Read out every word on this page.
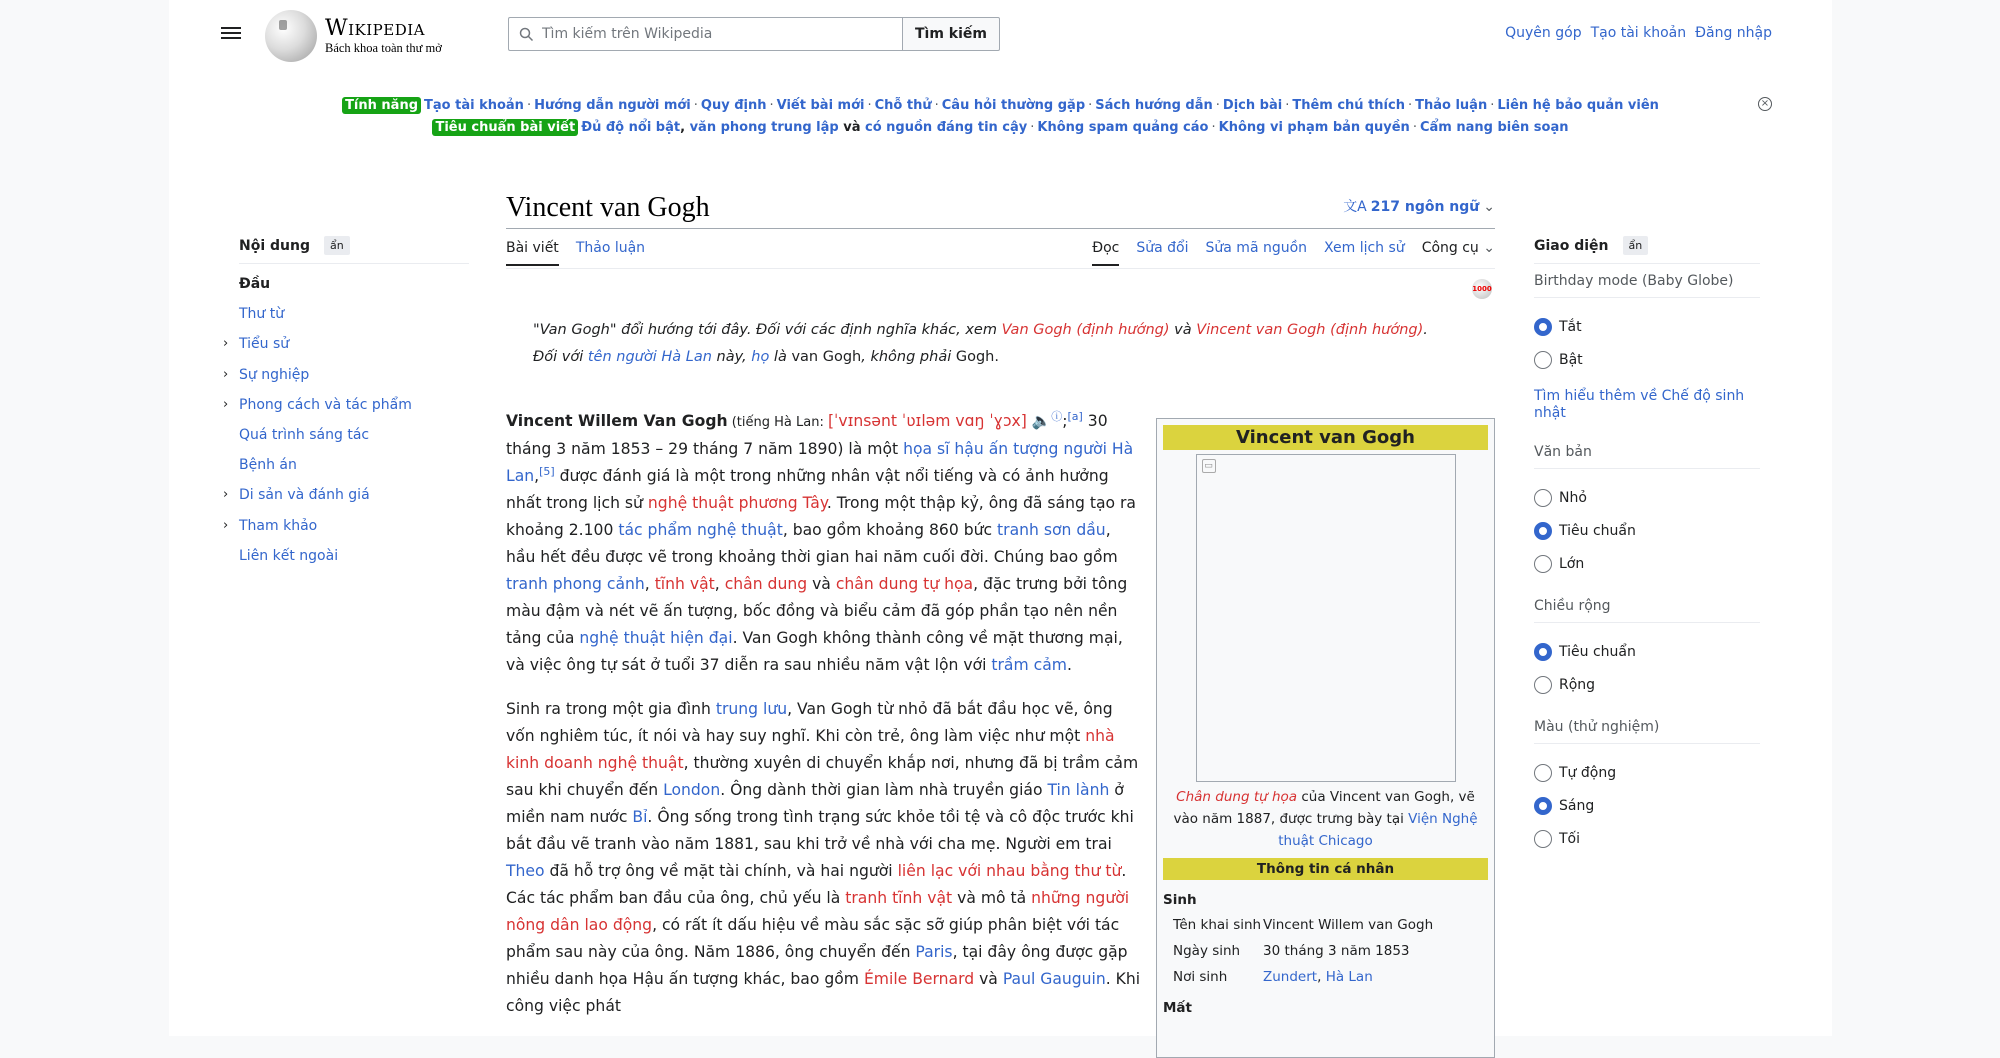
Wikipedia
Bách khoa toàn thư mở
Tìm kiếm trên Wikipedia
Tìm kiếm	Quyên góp Tạo tài khoản Đăng nhập
Tính năng Tạo tài khoản · Hướng dẫn người mới · Quy định · Viết bài mới · Chỗ thử · Câu hỏi thường gặp · Sách hướng dẫn · Dịch bài · Thêm chú thích · Thảo luận · Liên hệ bảo quản viên
Tiêu chuẩn bài viết Đủ độ nổi bật, văn phong trung lập và có nguồn đáng tin cậy · Không spam quảng cáo · Không vi phạm bản quyền · Cẩm nang biên soạn
×
Nội dung	ẩn
Đầu
Thư từ
› Tiểu sử
› Sự nghiệp
› Phong cách và tác phẩm
Quá trình sáng tác
Bệnh án
› Di sản và đánh giá
› Tham khảo
Liên kết ngoài
Vincent van Gogh	文A 217 ngôn ngữ ⌄
Bài viết Thảo luận	Đọc Sửa đổi Sửa mã nguồn Xem lịch sử Công cụ ⌄
1000
"Van Gogh" đổi hướng tới đây. Đối với các định nghĩa khác, xem Van Gogh (định hướng) và Vincent van Gogh (định hướng).
Đối với tên người Hà Lan này, họ là van Gogh, không phải Gogh.

Vincent Willem Van Gogh (tiếng Hà Lan: [ˈvɪnsənt ˈʋɪləm vɑŋ ˈɣɔx] 🔈ⓘ;[a] 30 tháng 3 năm 1853 – 29 tháng 7 năm 1890) là một họa sĩ hậu ấn tượng người Hà Lan,[5] được đánh giá là một trong những nhân vật nổi tiếng và có ảnh hưởng nhất trong lịch sử nghệ thuật phương Tây. Trong một thập kỷ, ông đã sáng tạo ra khoảng 2.100 tác phẩm nghệ thuật, bao gồm khoảng 860 bức tranh sơn dầu, hầu hết đều được vẽ trong khoảng thời gian hai năm cuối đời. Chúng bao gồm tranh phong cảnh, tĩnh vật, chân dung và chân dung tự họa, đặc trưng bởi tông màu đậm và nét vẽ ấn tượng, bốc đồng và biểu cảm đã góp phần tạo nên nền tảng của nghệ thuật hiện đại. Van Gogh không thành công về mặt thương mại, và việc ông tự sát ở tuổi 37 diễn ra sau nhiều năm vật lộn với trầm cảm.

Sinh ra trong một gia đình trung lưu, Van Gogh từ nhỏ đã bắt đầu học vẽ, ông vốn nghiêm túc, ít nói và hay suy nghĩ. Khi còn trẻ, ông làm việc như một nhà kinh doanh nghệ thuật, thường xuyên di chuyển khắp nơi, nhưng đã bị trầm cảm sau khi chuyển đến London. Ông dành thời gian làm nhà truyền giáo Tin lành ở miền nam nước Bỉ. Ông sống trong tình trạng sức khỏe tồi tệ và cô độc trước khi bắt đầu vẽ tranh vào năm 1881, sau khi trở về nhà với cha mẹ. Người em trai Theo đã hỗ trợ ông về mặt tài chính, và hai người liên lạc với nhau bằng thư từ. Các tác phẩm ban đầu của ông, chủ yếu là tranh tĩnh vật và mô tả những người nông dân lao động, có rất ít dấu hiệu về màu sắc sặc sỡ giúp phân biệt với tác phẩm sau này của ông. Năm 1886, ông chuyển đến Paris, tại đây ông được gặp nhiều danh họa Hậu ấn tượng khác, bao gồm Émile Bernard và Paul Gauguin. Khi công việc phát

Vincent van Gogh
▭
Chân dung tự họa của Vincent van Gogh, vẽ vào năm 1887, được trưng bày tại Viện Nghệ thuật Chicago
Thông tin cá nhân
Sinh
Tên khai sinh Vincent Willem van Gogh
Ngày sinh	30 tháng 3 năm 1853
Nơi sinh	Zundert, Hà Lan
Mất
Giao diện	ẩn
Birthday mode (Baby Globe)
Tắt
Bật
Tìm hiểu thêm về Chế độ sinh nhật
Văn bản
Nhỏ
Tiêu chuẩn
Lớn
Chiều rộng
Tiêu chuẩn
Rộng
Màu (thử nghiệm)
Tự động
Sáng
Tối
